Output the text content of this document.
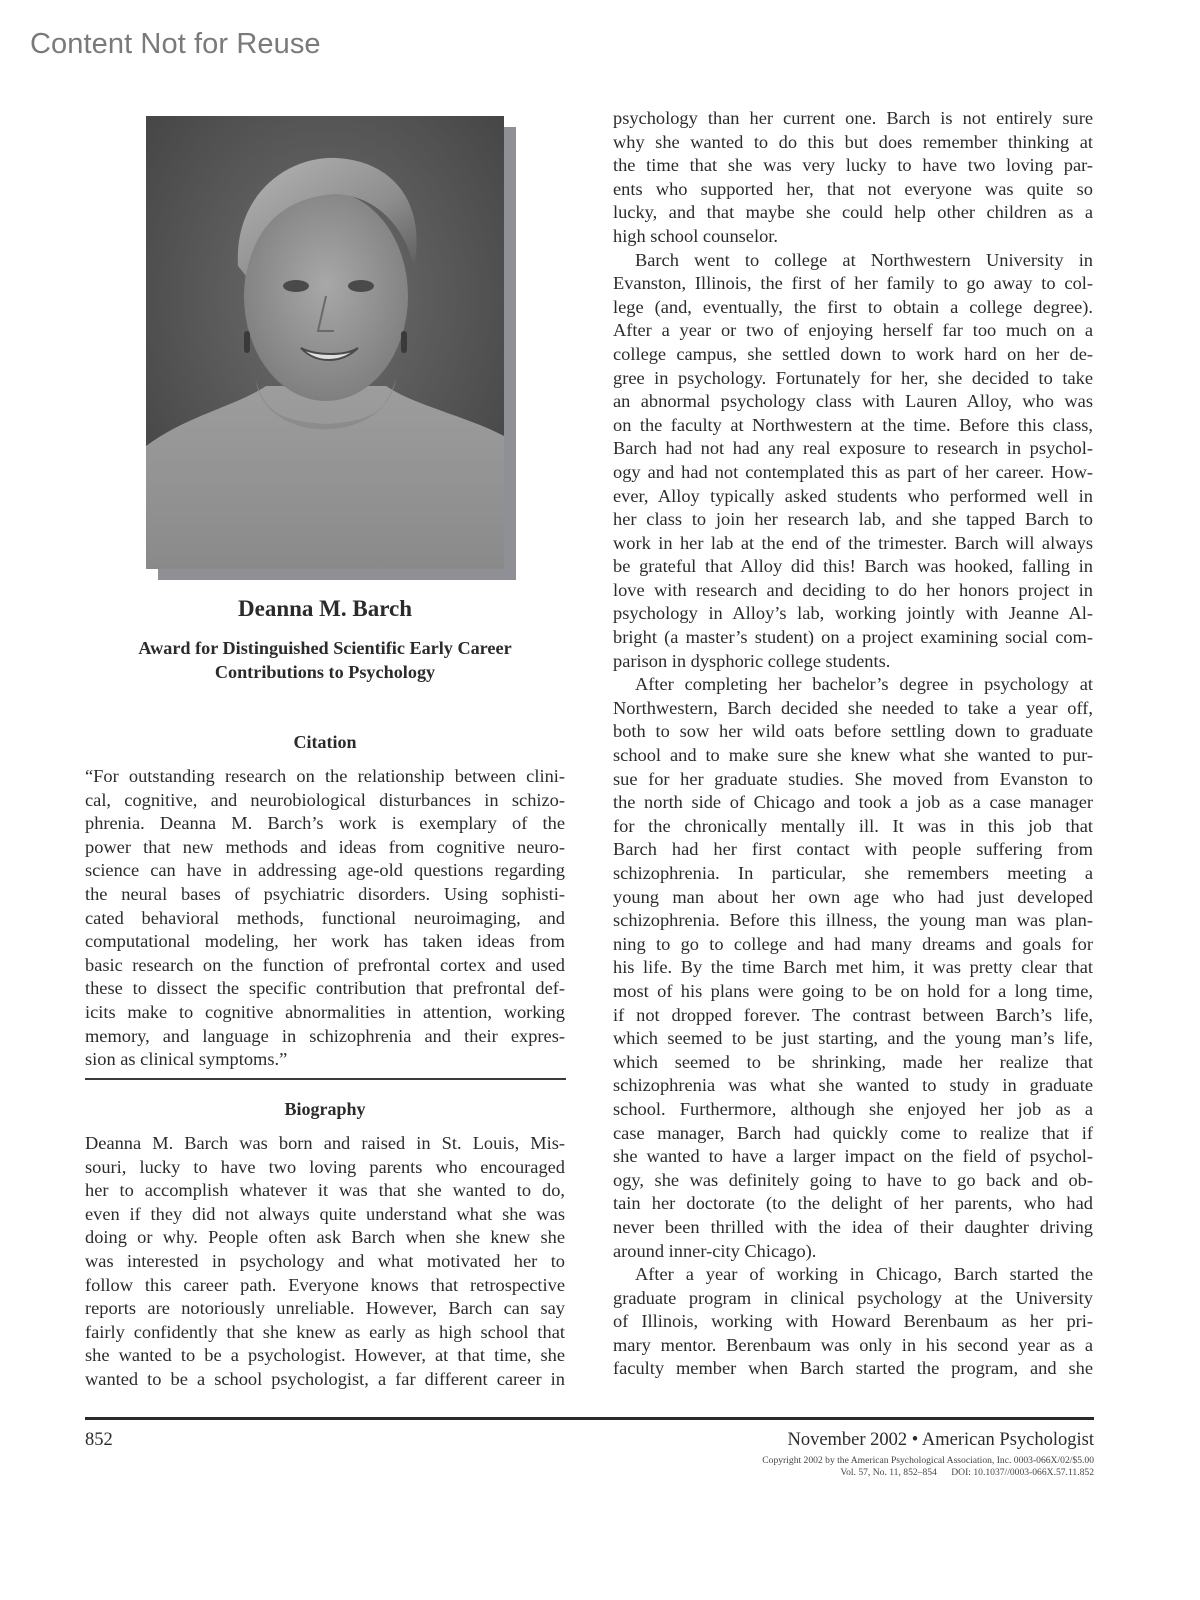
Content Not for Reuse
Deanna M. Barch
Award for Distinguished Scientific Early Career
Contributions to Psychology
Citation
“For outstanding research on the relationship between clini-
cal, cognitive, and neurobiological disturbances in schizo-
phrenia. Deanna M. Barch’s work is exemplary of the
power that new methods and ideas from cognitive neuro-
science can have in addressing age-old questions regarding
the neural bases of psychiatric disorders. Using sophisti-
cated behavioral methods, functional neuroimaging, and
computational modeling, her work has taken ideas from
basic research on the function of prefrontal cortex and used
these to dissect the specific contribution that prefrontal def-
icits make to cognitive abnormalities in attention, working
memory, and language in schizophrenia and their expres-
sion as clinical symptoms.”
Biography
Deanna M. Barch was born and raised in St. Louis, Mis-
souri, lucky to have two loving parents who encouraged
her to accomplish whatever it was that she wanted to do,
even if they did not always quite understand what she was
doing or why. People often ask Barch when she knew she
was interested in psychology and what motivated her to
follow this career path. Everyone knows that retrospective
reports are notoriously unreliable. However, Barch can say
fairly confidently that she knew as early as high school that
she wanted to be a psychologist. However, at that time, she
wanted to be a school psychologist, a far different career in
psychology than her current one. Barch is not entirely sure
why she wanted to do this but does remember thinking at
the time that she was very lucky to have two loving par-
ents who supported her, that not everyone was quite so
lucky, and that maybe she could help other children as a
high school counselor.
Barch went to college at Northwestern University in
Evanston, Illinois, the first of her family to go away to col-
lege (and, eventually, the first to obtain a college degree).
After a year or two of enjoying herself far too much on a
college campus, she settled down to work hard on her de-
gree in psychology. Fortunately for her, she decided to take
an abnormal psychology class with Lauren Alloy, who was
on the faculty at Northwestern at the time. Before this class,
Barch had not had any real exposure to research in psychol-
ogy and had not contemplated this as part of her career. How-
ever, Alloy typically asked students who performed well in
her class to join her research lab, and she tapped Barch to
work in her lab at the end of the trimester. Barch will always
be grateful that Alloy did this! Barch was hooked, falling in
love with research and deciding to do her honors project in
psychology in Alloy’s lab, working jointly with Jeanne Al-
bright (a master’s student) on a project examining social com-
parison in dysphoric college students.
After completing her bachelor’s degree in psychology at
Northwestern, Barch decided she needed to take a year off,
both to sow her wild oats before settling down to graduate
school and to make sure she knew what she wanted to pur-
sue for her graduate studies. She moved from Evanston to
the north side of Chicago and took a job as a case manager
for the chronically mentally ill. It was in this job that
Barch had her first contact with people suffering from
schizophrenia. In particular, she remembers meeting a
young man about her own age who had just developed
schizophrenia. Before this illness, the young man was plan-
ning to go to college and had many dreams and goals for
his life. By the time Barch met him, it was pretty clear that
most of his plans were going to be on hold for a long time,
if not dropped forever. The contrast between Barch’s life,
which seemed to be just starting, and the young man’s life,
which seemed to be shrinking, made her realize that
schizophrenia was what she wanted to study in graduate
school. Furthermore, although she enjoyed her job as a
case manager, Barch had quickly come to realize that if
she wanted to have a larger impact on the field of psychol-
ogy, she was definitely going to have to go back and ob-
tain her doctorate (to the delight of her parents, who had
never been thrilled with the idea of their daughter driving
around inner-city Chicago).
After a year of working in Chicago, Barch started the
graduate program in clinical psychology at the University
of Illinois, working with Howard Berenbaum as her pri-
mary mentor. Berenbaum was only in his second year as a
faculty member when Barch started the program, and she
852	November 2002 • American Psychologist
Copyright 2002 by the American Psychological Association, Inc. 0003-066X/02/$5.00
Vol. 57, No. 11, 852–854      DOI: 10.1037//0003-066X.57.11.852
